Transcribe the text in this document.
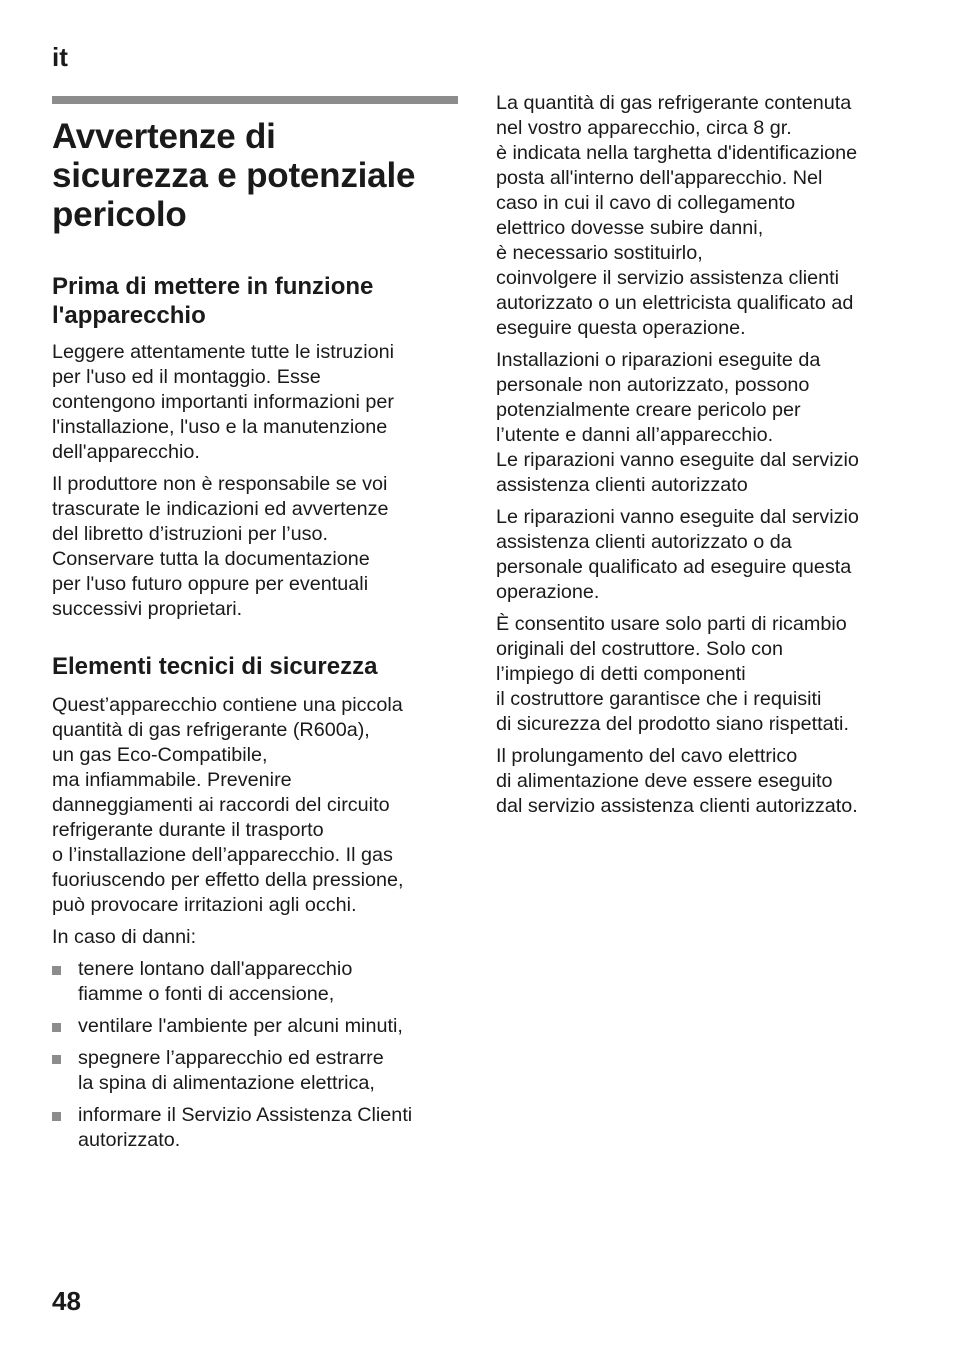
it
Avvertenze di
sicurezza e potenziale
pericolo
Prima di mettere in funzione
l'apparecchio

Leggere attentamente tutte le istruzioni
per l'uso ed il montaggio. Esse
contengono importanti informazioni per
l'installazione, l'uso e la manutenzione
dell'apparecchio.

Il produttore non è responsabile se voi
trascurate le indicazioni ed avvertenze
del libretto d’istruzioni per l’uso.
Conservare tutta la documentazione
per l'uso futuro oppure per eventuali
successivi proprietari.

Elementi tecnici di sicurezza

Quest’apparecchio contiene una piccola
quantità di gas refrigerante (R600a),
un gas Eco-Compatibile,
ma infiammabile. Prevenire
danneggiamenti ai raccordi del circuito
refrigerante durante il trasporto
o l’installazione dell’apparecchio. Il gas
fuoriuscendo per effetto della pressione,
può provocare irritazioni agli occhi.

In caso di danni:

tenere lontano dall'apparecchio
fiamme o fonti di accensione,
ventilare l'ambiente per alcuni minuti,
spegnere l’apparecchio ed estrarre
la spina di alimentazione elettrica,
informare il Servizio Assistenza Clienti
autorizzato.

La quantità di gas refrigerante contenuta
nel vostro apparecchio, circa 8 gr.
è indicata nella targhetta d'identificazione
posta all'interno dell'apparecchio. Nel
caso in cui il cavo di collegamento
elettrico dovesse subire danni,
è necessario sostituirlo,
coinvolgere il servizio assistenza clienti
autorizzato o un elettricista qualificato ad
eseguire questa operazione.

Installazioni o riparazioni eseguite da
personale non autorizzato, possono
potenzialmente creare pericolo per
l’utente e danni all’apparecchio.
Le riparazioni vanno eseguite dal servizio
assistenza clienti autorizzato

Le riparazioni vanno eseguite dal servizio
assistenza clienti autorizzato o da
personale qualificato ad eseguire questa
operazione.

È consentito usare solo parti di ricambio
originali del costruttore. Solo con
l’impiego di detti componenti
il costruttore garantisce che i requisiti
di sicurezza del prodotto siano rispettati.

Il prolungamento del cavo elettrico
di alimentazione deve essere eseguito
dal servizio assistenza clienti autorizzato.

48
